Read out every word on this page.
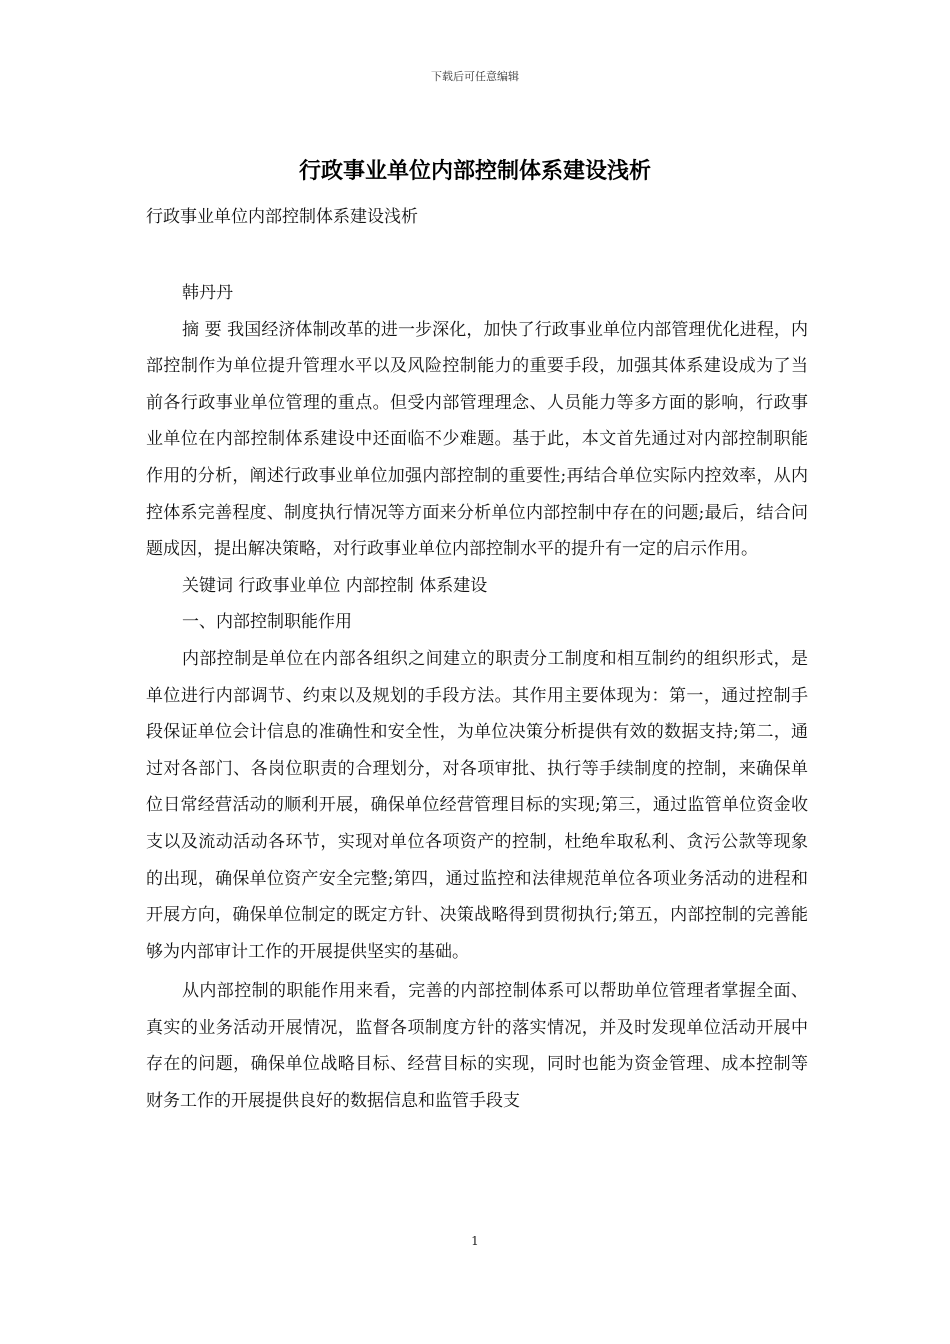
下载后可任意编辑
行政事业单位内部控制体系建设浅析

行政事业单位内部控制体系建设浅析

韩丹丹

摘 要 我国经济体制改革的进一步深化，加快了行政事业单位内部管理优化进程，内部控制作为单位提升管理水平以及风险控制能力的重要手段，加强其体系建设成为了当前各行政事业单位管理的重点。但受内部管理理念、人员能力等多方面的影响，行政事业单位在内部控制体系建设中还面临不少难题。基于此，本文首先通过对内部控制职能作用的分析，阐述行政事业单位加强内部控制的重要性;再结合单位实际内控效率，从内控体系完善程度、制度执行情况等方面来分析单位内部控制中存在的问题;最后，结合问题成因，提出解决策略，对行政事业单位内部控制水平的提升有一定的启示作用。

关键词 行政事业单位 内部控制 体系建设

一、内部控制职能作用

内部控制是单位在内部各组织之间建立的职责分工制度和相互制约的组织形式，是单位进行内部调节、约束以及规划的手段方法。其作用主要体现为：第一，通过控制手段保证单位会计信息的准确性和安全性，为单位决策分析提供有效的数据支持;第二，通过对各部门、各岗位职责的合理划分，对各项审批、执行等手续制度的控制，来确保单位日常经营活动的顺利开展，确保单位经营管理目标的实现;第三，通过监管单位资金收支以及流动活动各环节，实现对单位各项资产的控制，杜绝牟取私利、贪污公款等现象的出现，确保单位资产安全完整;第四，通过监控和法律规范单位各项业务活动的进程和开展方向，确保单位制定的既定方针、决策战略得到贯彻执行;第五，内部控制的完善能够为内部审计工作的开展提供坚实的基础。

从内部控制的职能作用来看，完善的内部控制体系可以帮助单位管理者掌握全面、真实的业务活动开展情况，监督各项制度方针的落实情况，并及时发现单位活动开展中存在的问题，确保单位战略目标、经营目标的实现，同时也能为资金管理、成本控制等财务工作的开展提供良好的数据信息和监管手段支

1
